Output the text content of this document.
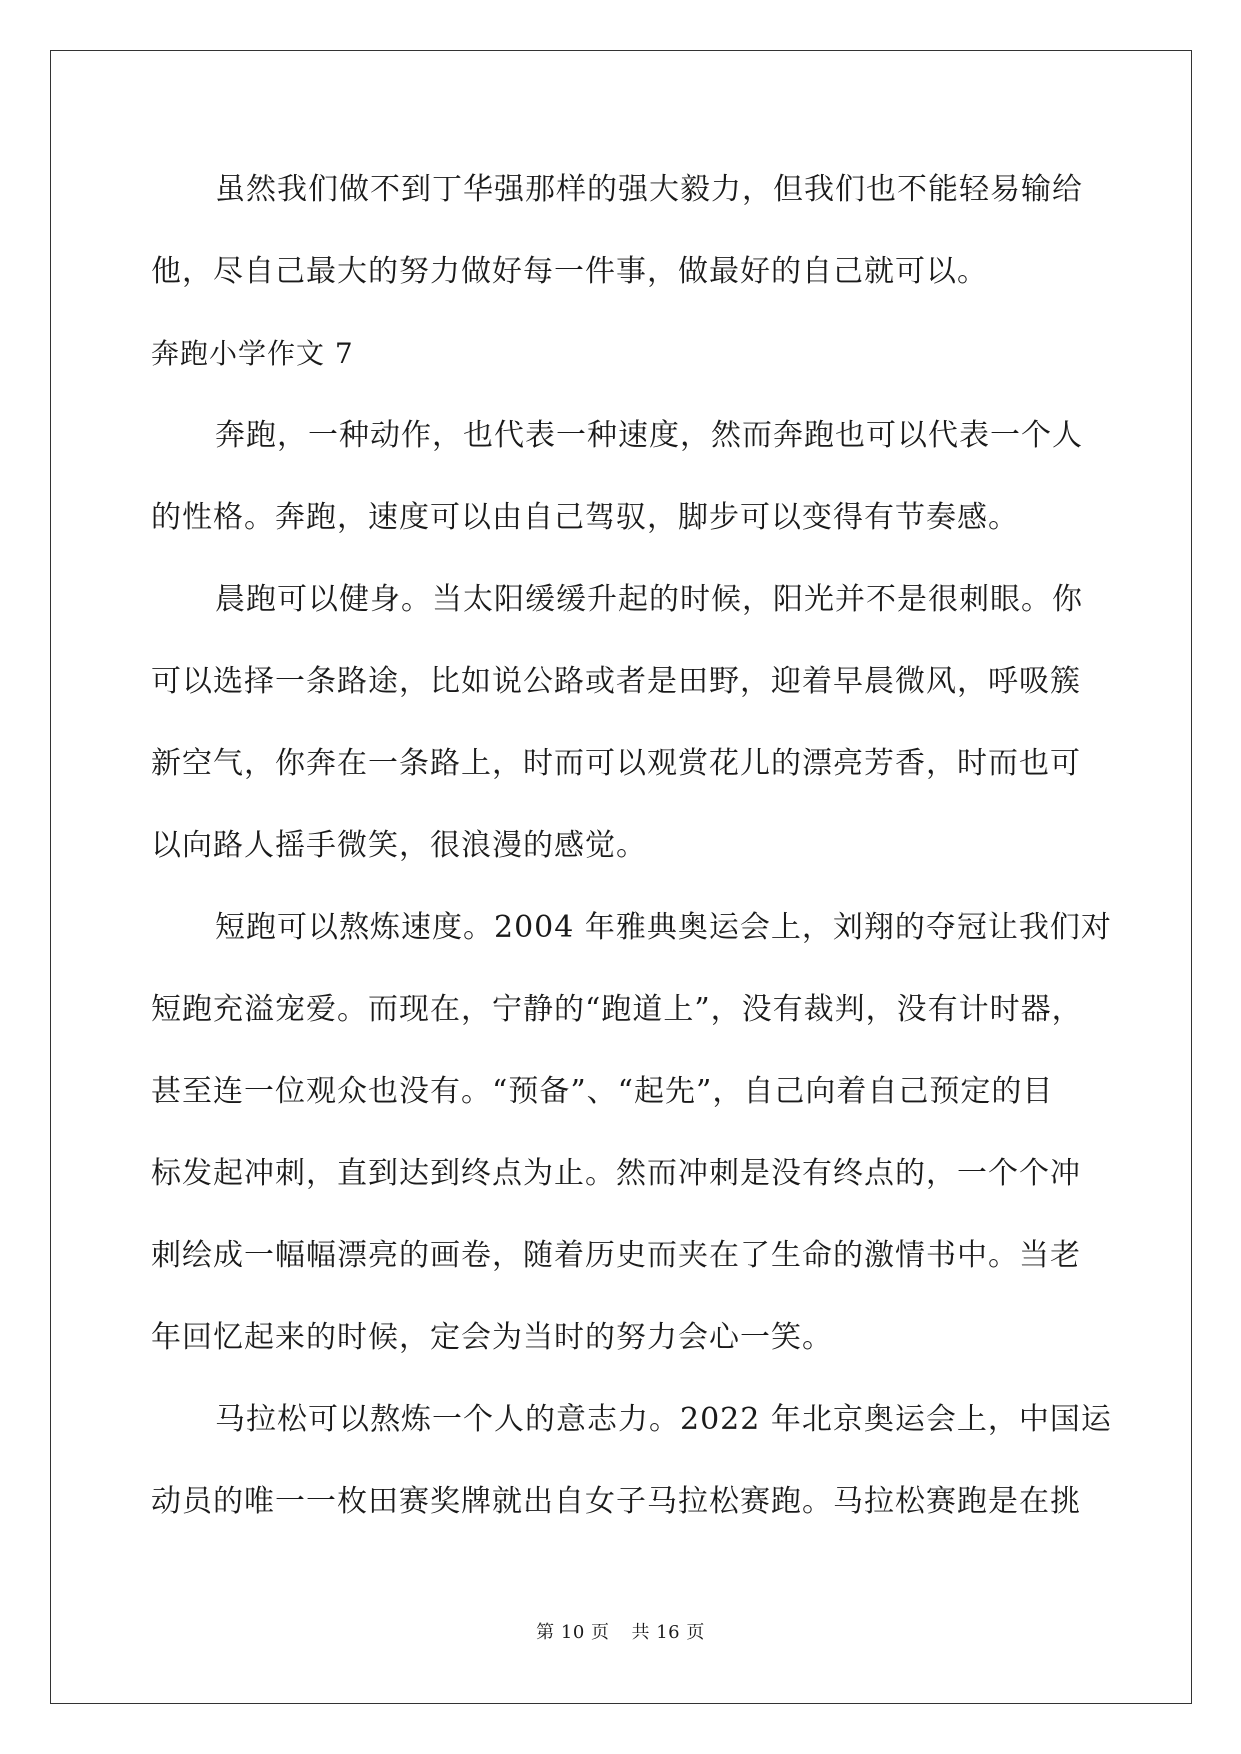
虽然我们做不到丁华强那样的强大毅力，但我们也不能轻易输给
他，尽自己最大的努力做好每一件事，做最好的自己就可以。
奔跑小学作文 7
奔跑，一种动作，也代表一种速度，然而奔跑也可以代表一个人
的性格。奔跑，速度可以由自己驾驭，脚步可以变得有节奏感。
晨跑可以健身。当太阳缓缓升起的时候，阳光并不是很刺眼。你
可以选择一条路途，比如说公路或者是田野，迎着早晨微风，呼吸簇
新空气，你奔在一条路上，时而可以观赏花儿的漂亮芳香，时而也可
以向路人摇手微笑，很浪漫的感觉。
短跑可以熬炼速度。2004 年雅典奥运会上，刘翔的夺冠让我们对
短跑充溢宠爱。而现在，宁静的“跑道上”，没有裁判，没有计时器，
甚至连一位观众也没有。“预备”、“起先”，自己向着自己预定的目
标发起冲刺，直到达到终点为止。然而冲刺是没有终点的，一个个冲
刺绘成一幅幅漂亮的画卷，随着历史而夹在了生命的激情书中。当老
年回忆起来的时候，定会为当时的努力会心一笑。
马拉松可以熬炼一个人的意志力。2022 年北京奥运会上，中国运
动员的唯一一枚田赛奖牌就出自女子马拉松赛跑。马拉松赛跑是在挑
第 10 页 共 16 页
